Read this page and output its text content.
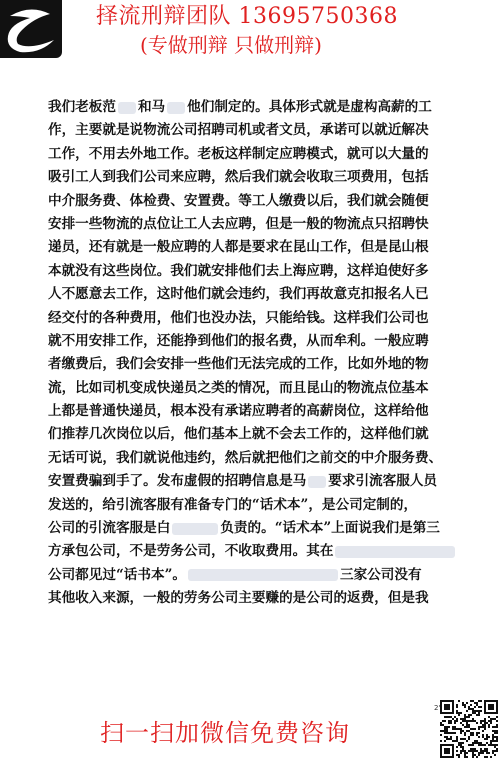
择流刑辩团队 13695750368
(专做刑辩 只做刑辩)
我们老板范 和马 他们制定的。具体形式就是虚构高薪的工
作，主要就是说物流公司招聘司机或者文员，承诺可以就近解决
工作，不用去外地工作。老板这样制定应聘模式，就可以大量的
吸引工人到我们公司来应聘，然后我们就会收取三项费用，包括
中介服务费、体检费、安置费。等工人缴费以后，我们就会随便
安排一些物流的点位让工人去应聘，但是一般的物流点只招聘快
递员，还有就是一般应聘的人都是要求在昆山工作，但是昆山根
本就没有这些岗位。我们就安排他们去上海应聘，这样迫使好多
人不愿意去工作，这时他们就会违约，我们再故意克扣报名人已
经交付的各种费用，他们也没办法，只能给钱。这样我们公司也
就不用安排工作，还能挣到他们的报名费，从而牟利。一般应聘
者缴费后，我们会安排一些他们无法完成的工作，比如外地的物
流，比如司机变成快递员之类的情况，而且昆山的物流点位基本
上都是普通快递员，根本没有承诺应聘者的高薪岗位，这样给他
们推荐几次岗位以后，他们基本上就不会去工作的，这样他们就
无话可说，我们就说他违约，然后就把他们之前交的中介服务费、
安置费骗到手了。发布虚假的招聘信息是马 要求引流客服人员
发送的，给引流客服有准备专门的“话术本”，是公司定制的，
公司的引流客服是白	负责的。“话术本”上面说我们是第三
方承包公司，不是劳务公司，不收取费用。其在
公司都见过“话书本”。	三家公司没有
其他收入来源，一般的劳务公司主要赚的是公司的返费，但是我
2'
扫一扫加微信免费咨询
